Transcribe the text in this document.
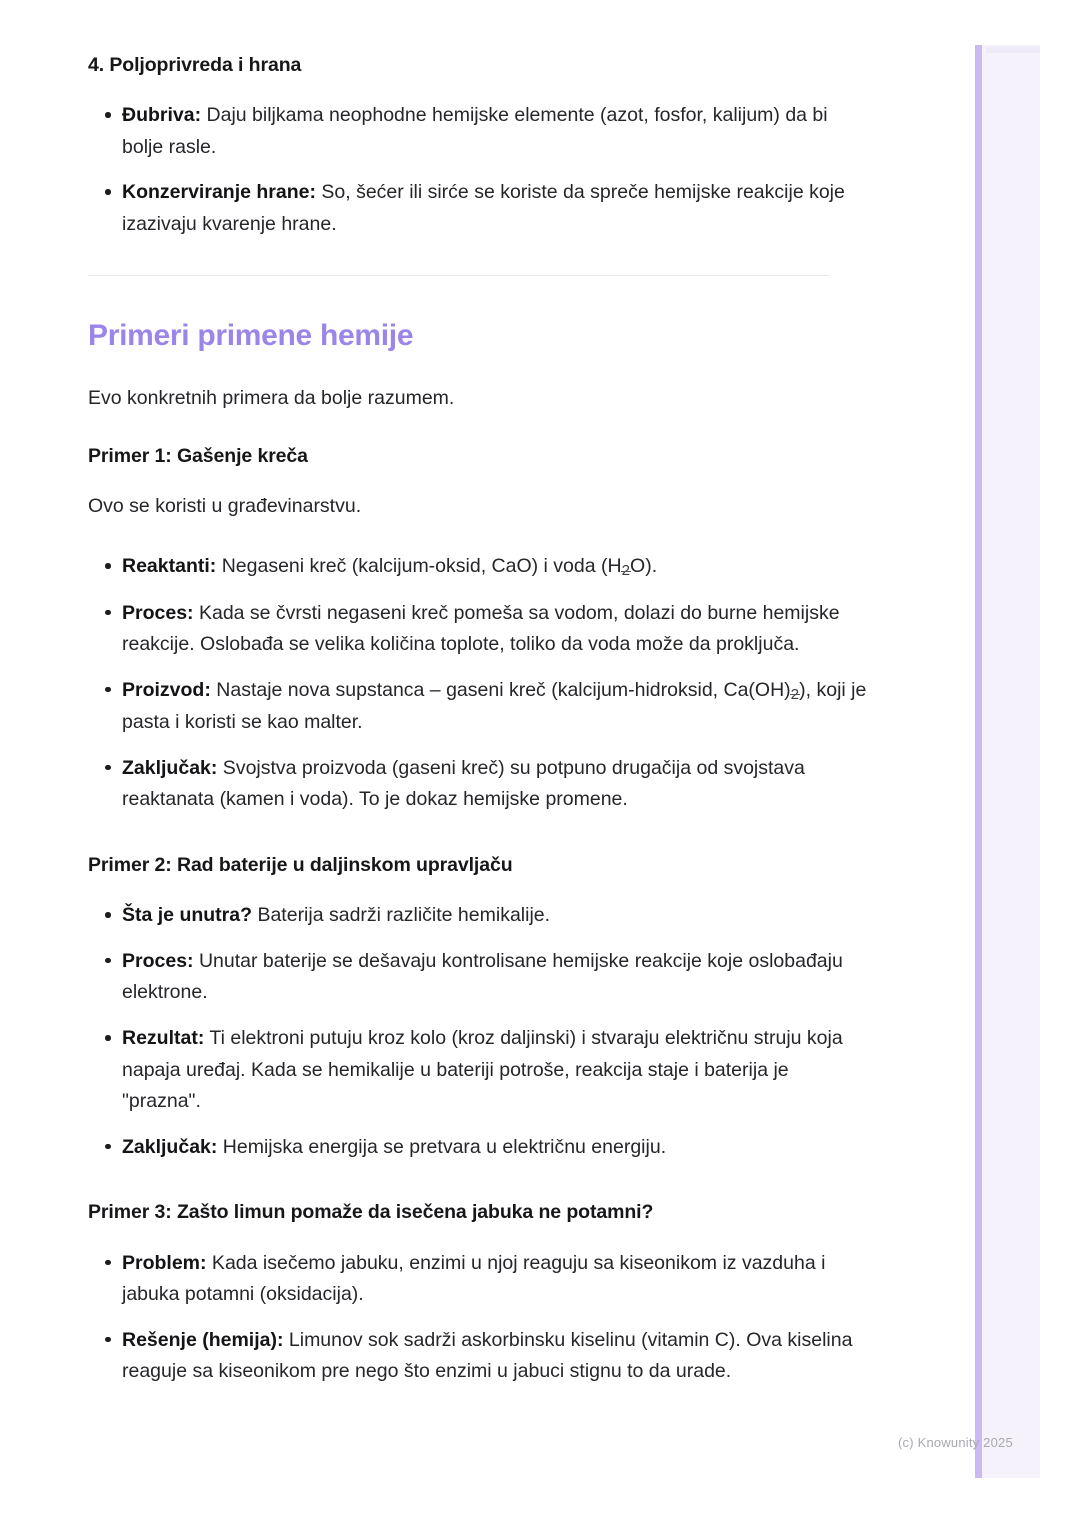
4. Poljoprivreda i hrana
Đubriva: Daju biljkama neophodne hemijske elemente (azot, fosfor, kalijum) da bi bolje rasle.
Konzerviranje hrane: So, šećer ili sirće se koriste da spreče hemijske reakcije koje izazivaju kvarenje hrane.
Primeri primene hemije

Evo konkretnih primera da bolje razumem.

Primer 1: Gašenje kreča

Ovo se koristi u građevinarstvu.

Reaktanti: Negaseni kreč (kalcijum-oksid, CaO) i voda (H2O).
Proces: Kada se čvrsti negaseni kreč pomeša sa vodom, dolazi do burne hemijske reakcije. Oslobađa se velika količina toplote, toliko da voda može da proključa.
Proizvod: Nastaje nova supstanca – gaseni kreč (kalcijum-hidroksid, Ca(OH)2), koji je pasta i koristi se kao malter.
Zaključak: Svojstva proizvoda (gaseni kreč) su potpuno drugačija od svojstava reaktanata (kamen i voda). To je dokaz hemijske promene.
Primer 2: Rad baterije u daljinskom upravljaču
Šta je unutra? Baterija sadrži različite hemikalije.
Proces: Unutar baterije se dešavaju kontrolisane hemijske reakcije koje oslobađaju elektrone.
Rezultat: Ti elektroni putuju kroz kolo (kroz daljinski) i stvaraju električnu struju koja napaja uređaj. Kada se hemikalije u bateriji potroše, reakcija staje i baterija je "prazna".
Zaključak: Hemijska energija se pretvara u električnu energiju.
Primer 3: Zašto limun pomaže da isečena jabuka ne potamni?
Problem: Kada isečemo jabuku, enzimi u njoj reaguju sa kiseonikom iz vazduha i jabuka potamni (oksidacija).
Rešenje (hemija): Limunov sok sadrži askorbinsku kiselinu (vitamin C). Ova kiselina reaguje sa kiseonikom pre nego što enzimi u jabuci stignu to da urade.
(c) Knowunity 2025
